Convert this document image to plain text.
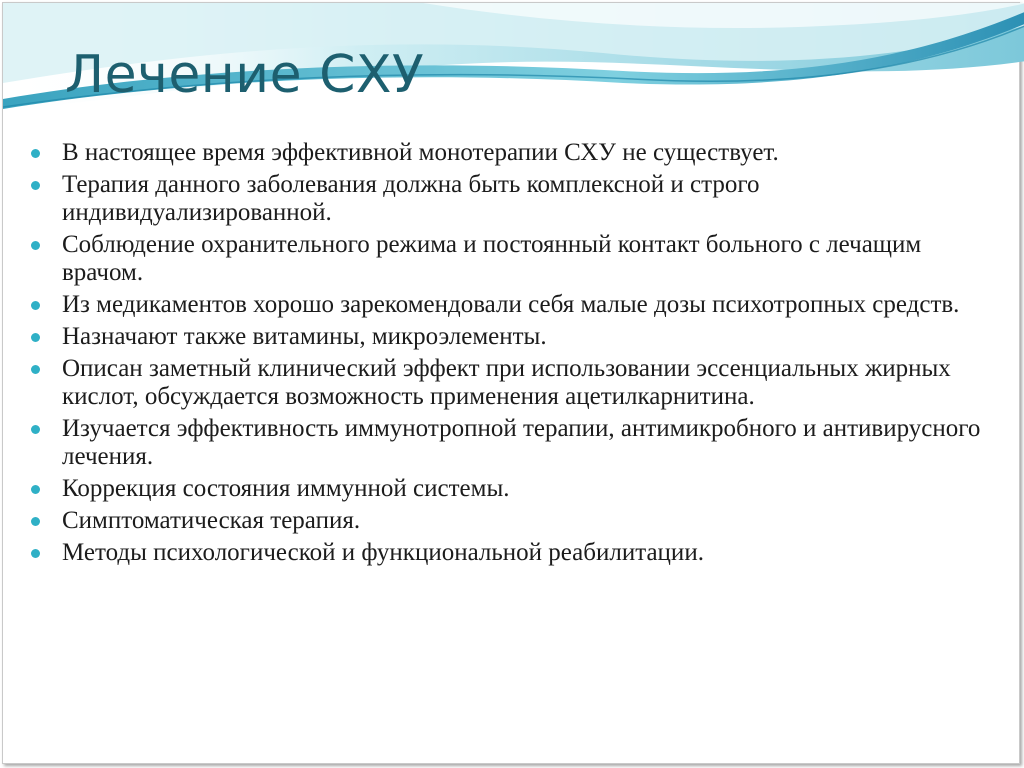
Лечение СХУ
В настоящее время эффективной монотерапии СХУ не существует.
Терапия данного заболевания должна быть комплексной и строго индивидуализированной.
Соблюдение охранительного режима и постоянный контакт больного с лечащим врачом.
Из медикаментов хорошо зарекомендовали себя малые дозы психотропных средств.
Назначают также витамины, микроэлементы.
Описан заметный клинический эффект при использовании эссенциальных жирных кислот, обсуждается возможность применения ацетилкарнитина.
Изучается эффективность иммунотропной терапии, антимикробного и антивирусного лечения.
Коррекция состояния иммунной системы.
Симптоматическая терапия.
Методы психологической и функциональной реабилитации.
